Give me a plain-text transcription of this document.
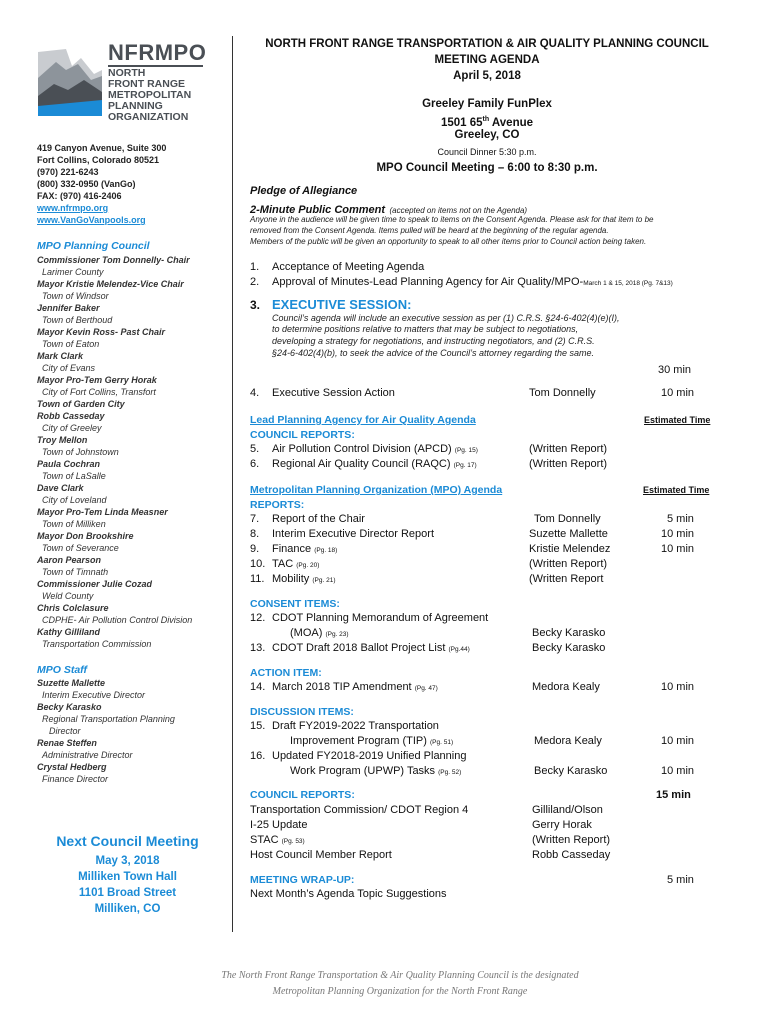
NFRMPO
NORTH
FRONT RANGE
METROPOLITAN
PLANNING
ORGANIZATION
419 Canyon Avenue, Suite 300
Fort Collins, Colorado 80521
(970) 221-6243
(800) 332-0950 (VanGo)
FAX: (970) 416-2406
www.nfrmpo.org
www.VanGoVanpools.org
MPO Planning Council
Commissioner Tom Donnelly- Chair
Larimer County
Mayor Kristie Melendez-Vice Chair
Town of Windsor
Jennifer Baker
Town of Berthoud
Mayor Kevin Ross- Past Chair
Town of Eaton
Mark Clark
City of Evans
Mayor Pro-Tem Gerry Horak
City of Fort Collins, Transfort
Town of Garden City
Robb Casseday
City of Greeley
Troy Mellon
Town of Johnstown
Paula Cochran
Town of LaSalle
Dave Clark
City of Loveland
Mayor Pro-Tem Linda Measner
Town of Milliken
Mayor Don Brookshire
Town of Severance
Aaron Pearson
Town of Timnath
Commissioner Julie Cozad
Weld County
Chris Colclasure
CDPHE- Air Pollution Control Division
Kathy Gilliland
Transportation Commission
MPO Staff
Suzette Mallette
Interim Executive Director
Becky Karasko
Regional Transportation Planning
Director
Renae Steffen
Administrative Director
Crystal Hedberg
Finance Director
Next Council Meeting
May 3, 2018
Milliken Town Hall
1101 Broad Street
Milliken, CO
NORTH FRONT RANGE TRANSPORTATION & AIR QUALITY PLANNING COUNCIL
MEETING AGENDA
April 5, 2018
Greeley Family FunPlex
1501 65th Avenue
Greeley, CO
Council Dinner 5:30 p.m.
MPO Council Meeting – 6:00 to 8:30 p.m.
Pledge of Allegiance
2-Minute Public Comment (accepted on items not on the Agenda)
Anyone in the audience will be given time to speak to items on the Consent Agenda. Please ask for that item to be
removed from the Consent Agenda. Items pulled will be heard at the beginning of the regular agenda.
Members of the public will be given an opportunity to speak to all other items prior to Council action being taken.
1. Acceptance of Meeting Agenda
2. Approval of Minutes-Lead Planning Agency for Air Quality/MPO-March 1 & 15, 2018 (Pg. 7&13)
3. EXECUTIVE SESSION:
Council’s agenda will include an executive session as per (1) C.R.S. §24-6-402(4)(e)(I),
to determine positions relative to matters that may be subject to negotiations,
developing a strategy for negotiations, and instructing negotiators, and (2) C.R.S.
§24-6-402(4)(b), to seek the advice of the Council’s attorney regarding the same.
30 min
4. Executive Session Action	Tom Donnelly	10 min
Lead Planning Agency for Air Quality Agenda	Estimated Time
COUNCIL REPORTS:
5. Air Pollution Control Division (APCD) (Pg. 15)	(Written Report)
6. Regional Air Quality Council (RAQC) (Pg. 17)	(Written Report)
Metropolitan Planning Organization (MPO) Agenda	Estimated Time
REPORTS:
7. Report of the Chair	Tom Donnelly	5 min
8. Interim Executive Director Report	Suzette Mallette	10 min
9. Finance (Pg. 18)	Kristie Melendez	10 min
10. TAC (Pg. 20)	(Written Report)
11. Mobility (Pg. 21)	(Written Report
CONSENT ITEMS:
12. CDOT Planning Memorandum of Agreement
(MOA) (Pg. 23)	Becky Karasko
13. CDOT Draft 2018 Ballot Project List (Pg.44)	Becky Karasko
ACTION ITEM:
14. March 2018 TIP Amendment (Pg. 47)	Medora Kealy	10 min
DISCUSSION ITEMS:
15. Draft FY2019-2022 Transportation
Improvement Program (TIP) (Pg. 51)	Medora Kealy	10 min
16. Updated FY2018-2019 Unified Planning
Work Program (UPWP) Tasks (Pg. 52)	Becky Karasko	10 min
COUNCIL REPORTS:	15 min
Transportation Commission/ CDOT Region 4	Gilliland/Olson
I-25 Update	Gerry Horak
STAC (Pg. 53)	(Written Report)
Host Council Member Report	Robb Casseday
MEETING WRAP-UP:	5 min
Next Month’s Agenda Topic Suggestions
The North Front Range Transportation & Air Quality Planning Council is the designated
Metropolitan Planning Organization for the North Front Range
